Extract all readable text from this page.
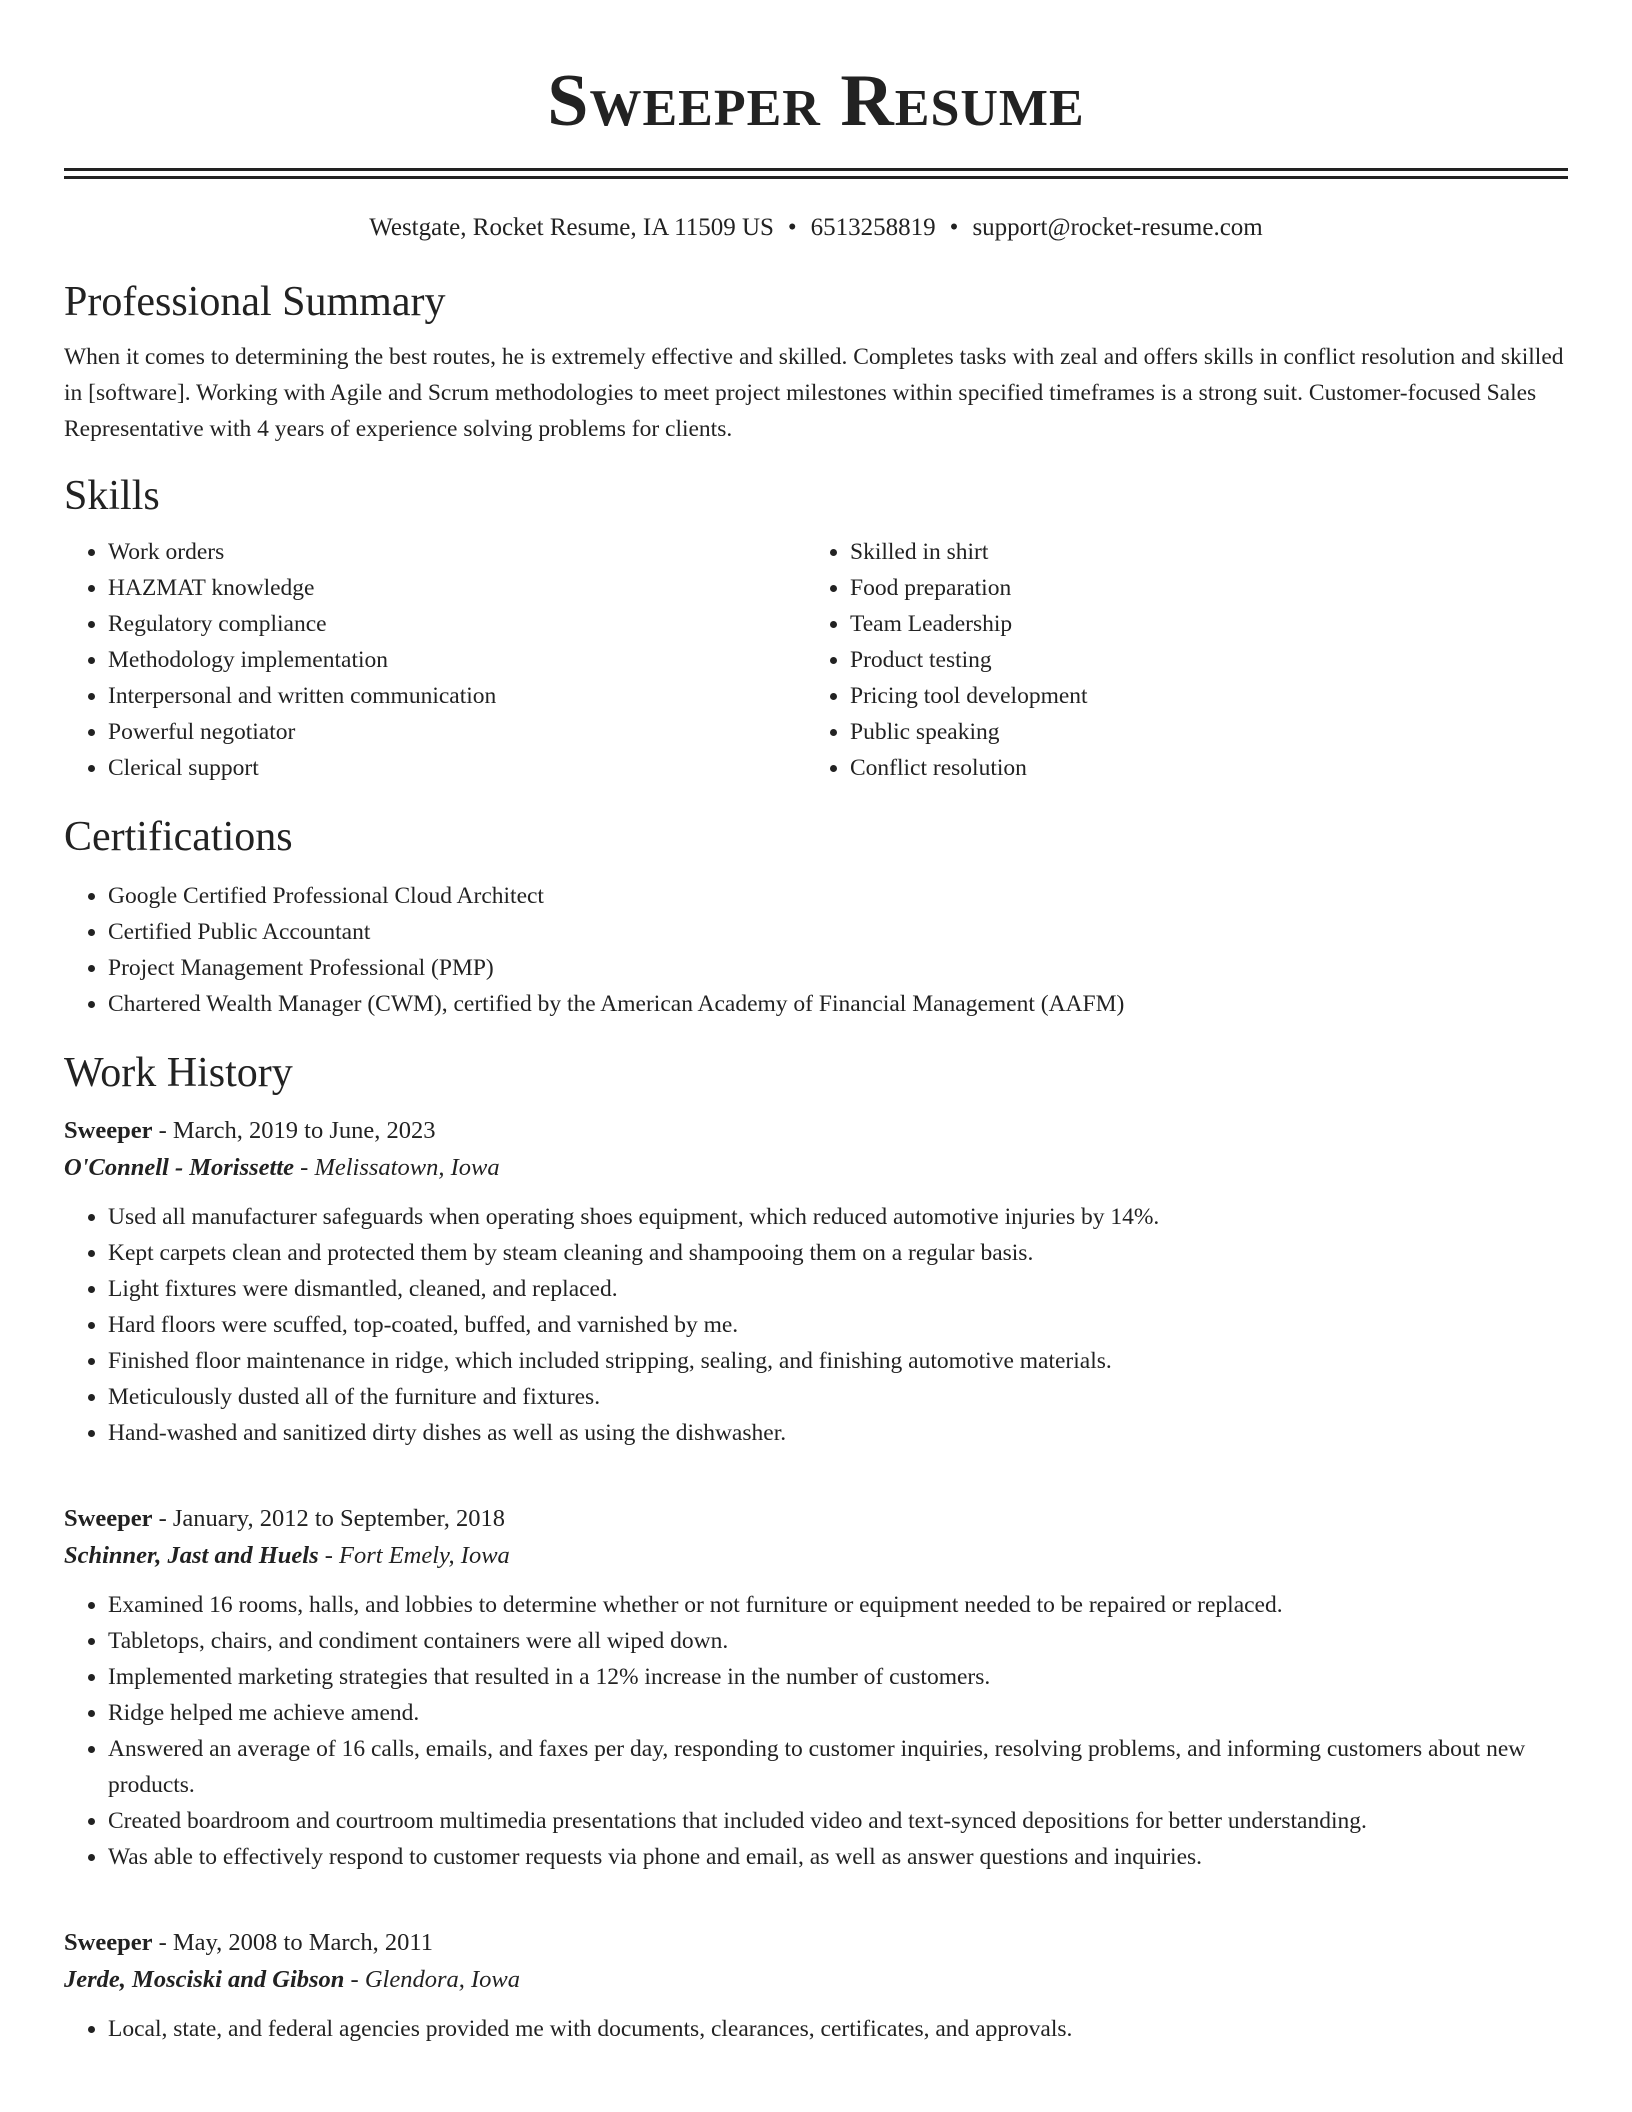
Sweeper Resume
Westgate, Rocket Resume, IA 11509 US • 6513258819 • support@rocket-resume.com
Professional Summary

When it comes to determining the best routes, he is extremely effective and skilled. Completes tasks with zeal and offers skills in conflict resolution and skilled in [software]. Working with Agile and Scrum methodologies to meet project milestones within specified timeframes is a strong suit. Customer-focused Sales Representative with 4 years of experience solving problems for clients.

Skills
• Work orders
• HAZMAT knowledge
• Regulatory compliance
• Methodology implementation
• Interpersonal and written communication
• Powerful negotiator
• Clerical support
• Skilled in shirt
• Food preparation
• Team Leadership
• Product testing
• Pricing tool development
• Public speaking
• Conflict resolution
Certifications
• Google Certified Professional Cloud Architect
• Certified Public Accountant
• Project Management Professional (PMP)
• Chartered Wealth Manager (CWM), certified by the American Academy of Financial Management (AAFM)
Work History
Sweeper - March, 2019 to June, 2023
O'Connell - Morissette - Melissatown, Iowa
• Used all manufacturer safeguards when operating shoes equipment, which reduced automotive injuries by 14%.
• Kept carpets clean and protected them by steam cleaning and shampooing them on a regular basis.
• Light fixtures were dismantled, cleaned, and replaced.
• Hard floors were scuffed, top-coated, buffed, and varnished by me.
• Finished floor maintenance in ridge, which included stripping, sealing, and finishing automotive materials.
• Meticulously dusted all of the furniture and fixtures.
• Hand-washed and sanitized dirty dishes as well as using the dishwasher.
Sweeper - January, 2012 to September, 2018
Schinner, Jast and Huels - Fort Emely, Iowa
• Examined 16 rooms, halls, and lobbies to determine whether or not furniture or equipment needed to be repaired or replaced.
• Tabletops, chairs, and condiment containers were all wiped down.
• Implemented marketing strategies that resulted in a 12% increase in the number of customers.
• Ridge helped me achieve amend.
• Answered an average of 16 calls, emails, and faxes per day, responding to customer inquiries, resolving problems, and informing customers about new products.
• Created boardroom and courtroom multimedia presentations that included video and text-synced depositions for better understanding.
• Was able to effectively respond to customer requests via phone and email, as well as answer questions and inquiries.
Sweeper - May, 2008 to March, 2011
Jerde, Mosciski and Gibson - Glendora, Iowa
• Local, state, and federal agencies provided me with documents, clearances, certificates, and approvals.
